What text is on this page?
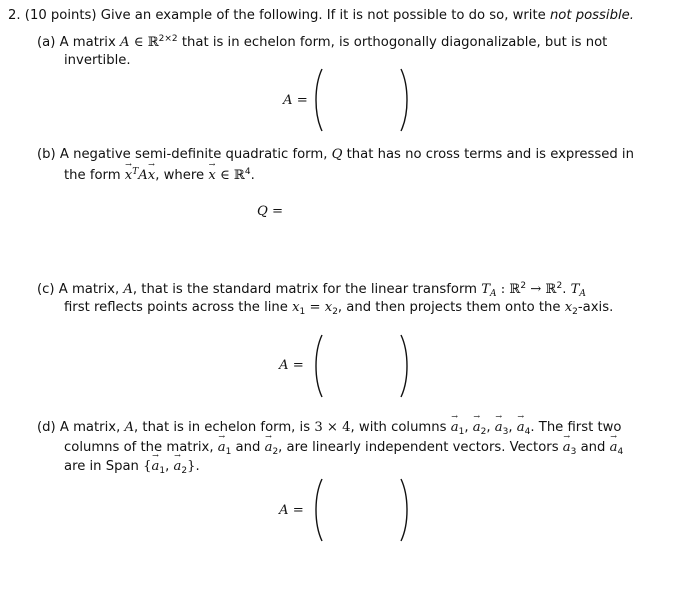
2. (10 points) Give an example of the following. If it is not possible to do so, write not possible.
(a) A matrix A ∈ ℝ$^{2\times 2}$ that is in echelon form, is orthogonally diagonalizable, but is not
invertible.
A =
(b) A negative semi-definite quadratic form, Q that has no cross terms and is expressed in
the form → $x^TA\to x$, where → x ∈ ℝ$^4$.
Q =
(c) A matrix, A, that is the standard matrix for the linear transform $T_A$ : ℝ$^2$ → ℝ$^2$. $T_A$
first reflects points across the line $x_1 = x_2$, and then projects them onto the $x_2$-axis.
A =
(d) A matrix, A, that is in echelon form, is 3 × 4, with columns → $a_1$, → $a_2$, → $a_3$, → $a_4$. The first two
columns of the matrix, → $a_1$ and → $a_2$, are linearly independent vectors. Vectors → $a_3$ and → $a_4$
are in Span {→ $a_1$, → $a_2$}.
A =
